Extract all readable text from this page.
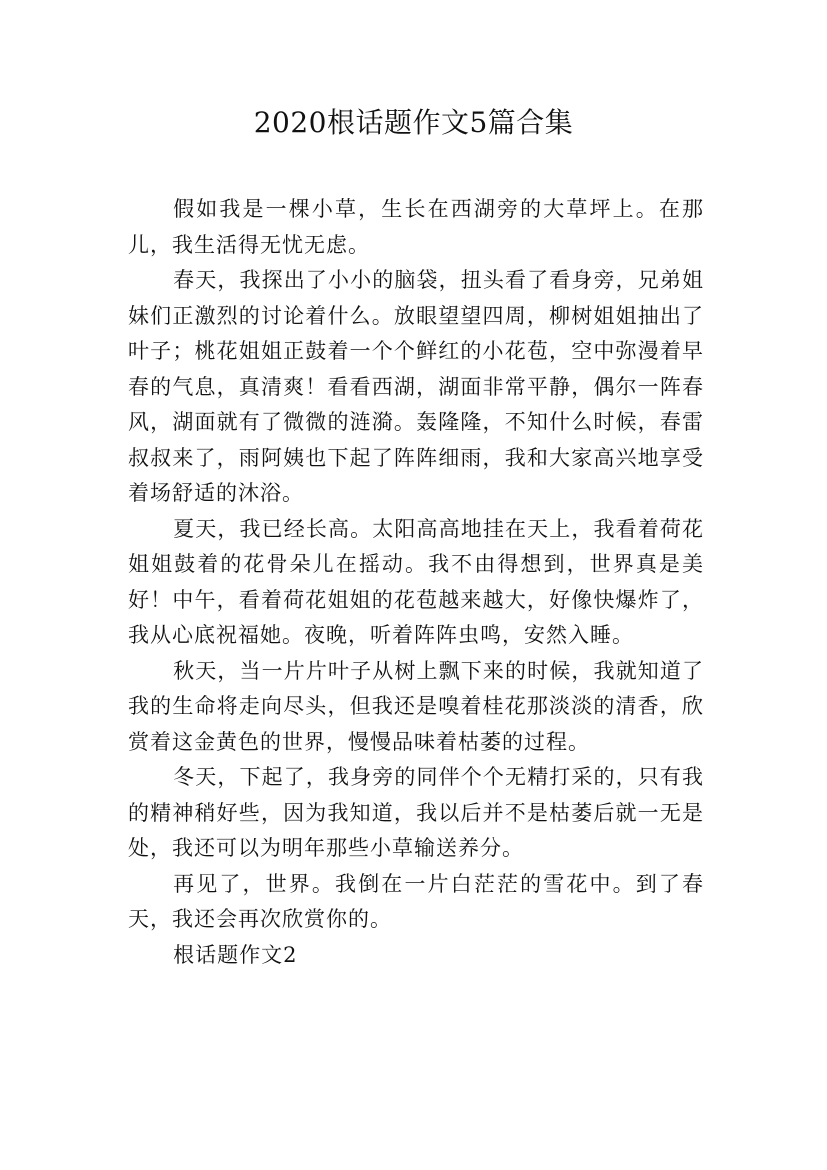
2020根话题作文5篇合集

假如我是一棵小草，生长在西湖旁的大草坪上。在那儿，我生活得无忧无虑。

春天，我探出了小小的脑袋，扭头看了看身旁，兄弟姐妹们正激烈的讨论着什么。放眼望望四周，柳树姐姐抽出了叶子；桃花姐姐正鼓着一个个鲜红的小花苞，空中弥漫着早春的气息，真清爽！看看西湖，湖面非常平静，偶尔一阵春风，湖面就有了微微的涟漪。轰隆隆，不知什么时候，春雷叔叔来了，雨阿姨也下起了阵阵细雨，我和大家高兴地享受着场舒适的沐浴。

夏天，我已经长高。太阳高高地挂在天上，我看着荷花姐姐鼓着的花骨朵儿在摇动。我不由得想到，世界真是美好！中午，看着荷花姐姐的花苞越来越大，好像快爆炸了，我从心底祝福她。夜晚，听着阵阵虫鸣，安然入睡。

秋天，当一片片叶子从树上飘下来的时候，我就知道了我的生命将走向尽头，但我还是嗅着桂花那淡淡的清香，欣赏着这金黄色的世界，慢慢品味着枯萎的过程。

冬天，下起了，我身旁的同伴个个无精打采的，只有我的精神稍好些，因为我知道，我以后并不是枯萎后就一无是处，我还可以为明年那些小草输送养分。

再见了，世界。我倒在一片白茫茫的雪花中。到了春天，我还会再次欣赏你的。

根话题作文2
